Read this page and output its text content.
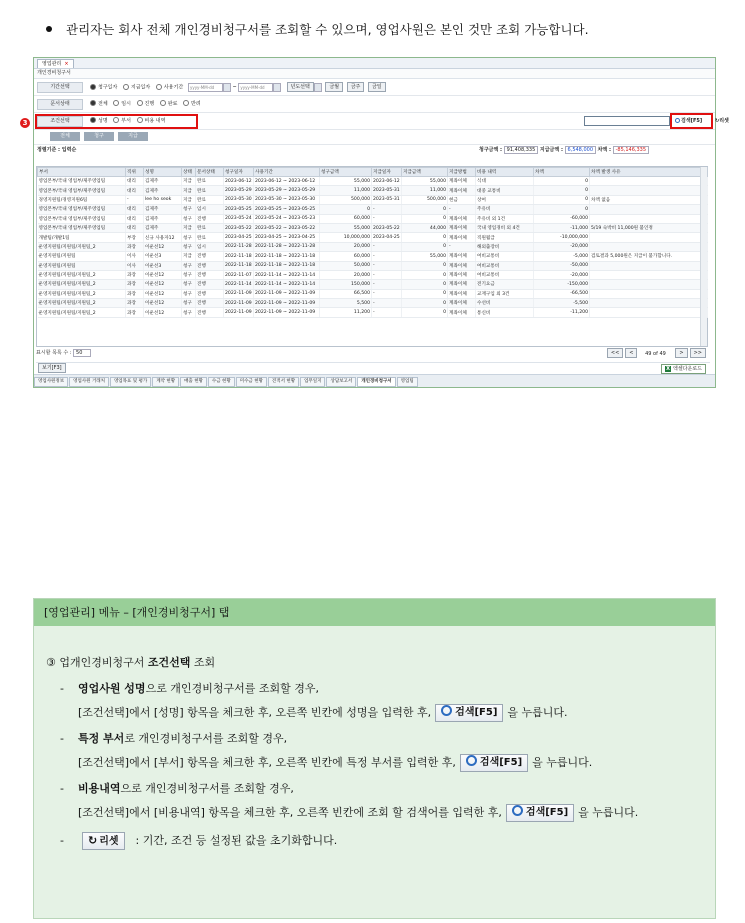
관리자는 회사 전체 개인경비청구서를 조회할 수 있으며, 영업사원은 본인 것만 조회 가능합니다.
영업관리 ×
개인경비청구서
기간선택	청구일자	지급일자	사용기간 yyyy-MM-dd	~ yyyy-MM-dd	년도선택	금월 금주 금일
문서상태	전체	임시	진행	완료	반려
조건선택	성명	부서	비용 내역	검색[F5]	↻리셋
전체	청구	지급
정렬기준 : 입력순	청구금액 : 91,408,335 지급금액 : 6,548,000 차액 : -85,146,335
부서	직위	성명	상태	문서상태	청구일자	사용기간	청구금액	지급일자	지급금액	지급방법	비용 내역	차액	차액 발생 사유
영업본부/국내 영업부/제주영업팀	대리	김제주	지급	완료	2023-06-12	2023-06-12 ~ 2023-06-12	55,000	2023-06-12	55,000	계좌이체	식대	0	
영업본부/국내 영업부/제주영업팀	대리	김제주	지급	완료	2023-05-29	2023-05-29 ~ 2023-05-29	11,000	2023-05-31	11,000	계좌이체	대중 교통비	0	
경영지원팀/경영지원6팀	-	lee ho seok	지급	완료	2023-05-30	2023-05-30 ~ 2023-05-30	500,000	2023-05-31	500,000	현금	상여	0	차액 없음
영업본부/국내 영업부/제주영업팀	대리	김제주	청구	임시	2023-05-25	2023-05-25 ~ 2023-05-25	0	-	0	-	주유비	0	
영업본부/국내 영업부/제주영업팀	대리	김제주	청구	진행	2023-05-24	2023-05-24 ~ 2023-05-23	60,000	-	0	계좌이체	주유비 외 1건	-60,000	
영업본부/국내 영업부/제주영업팀	대리	김제주	지급	완료	2023-05-22	2023-05-22 ~ 2023-05-22	55,000	2023-05-22	44,000	계좌이체	국내 영업경비 외 4건	-11,000	5/19 숙박비 11,000원 불인정
개발팀/개발1팀	부장	신규 사용자12	청구	완료	2023-04-25	2023-04-25 ~ 2023-04-25	10,000,000	2023-04-25	0	계좌이체	직원월급	-10,000,000	
운영지원팀/지원팀/지원팀_2	과장	이운선12	청구	임시	2022-11-28	2022-11-28 ~ 2022-11-28	20,000	-	0	-	해외출장비	-20,000	
운영지원팀/지원팀	이사	이운선3	지급	진행	2022-11-18	2022-11-18 ~ 2022-11-18	60,000	-	55,000	계좌이체	여비교통비	-5,000	검토결과 5,000원은 지급이 불가합니다.
운영지원팀/지원팀	이사	이운선3	청구	진행	2022-11-18	2022-11-18 ~ 2022-11-18	50,000	-	0	계좌이체	여비교통비	-50,000	
운영지원팀/지원팀/지원팀_2	과장	이운선12	청구	진행	2022-11-07	2022-11-14 ~ 2022-11-14	20,000	-	0	계좌이체	여비교통비	-20,000	
운영지원팀/지원팀/지원팀_2	과장	이운선12	청구	진행	2022-11-14	2022-11-14 ~ 2022-11-14	150,000	-	0	계좌이체	전기요금	-150,000	
운영지원팀/지원팀/지원팀_2	과장	이운선12	청구	진행	2022-11-09	2022-11-09 ~ 2022-11-09	66,500	-	0	계좌이체	교재구입 외 3건	-66,500	
운영지원팀/지원팀/지원팀_2	과장	이운선12	청구	진행	2022-11-09	2022-11-09 ~ 2022-11-09	5,500	-	0	계좌이체	수선비	-5,500	
운영지원팀/지원팀/지원팀_2	과장	이운선12	청구	진행	2022-11-09	2022-11-09 ~ 2022-11-09	11,200	-	0	계좌이체	통신비	-11,200	
표시할 목록 수 : 50	<< < 49 of 49	> >>
보기[F3]	X 엑셀다운로드
영업사원정보 영업사원 거래처 영업목표 및 평가 계약 현황 매출 현황 수금 현황 미수금 현황 견적서 현황 업무일지 상담보고서 개인경비청구서 영업팀
3
[영업관리] 메뉴 – [개인경비청구서] 탭
③ 업개인경비청구서 조건선택 조회
-    영업사원 성명으로 개인경비청구서를 조회할 경우,
[조건선택]에서 [성명] 항목을 체크한 후, 오른쪽 빈칸에 성명을 입력한 후, 검색[F5] 을 누릅니다.
-    특정 부서로 개인경비청구서를 조회할 경우,
[조건선택]에서 [부서] 항목을 체크한 후, 오른쪽 빈칸에 특정 부서를 입력한 후, 검색[F5] 을 누릅니다.
-    비용내역으로 개인경비청구서를 조회할 경우,
[조건선택]에서 [비용내역] 항목을 체크한 후, 오른쪽 빈칸에 조회 할 검색어를 입력한 후, 검색[F5] 을 누릅니다.
-    ↻ 리셋 : 기간, 조건 등 설정된 값을 초기화합니다.
